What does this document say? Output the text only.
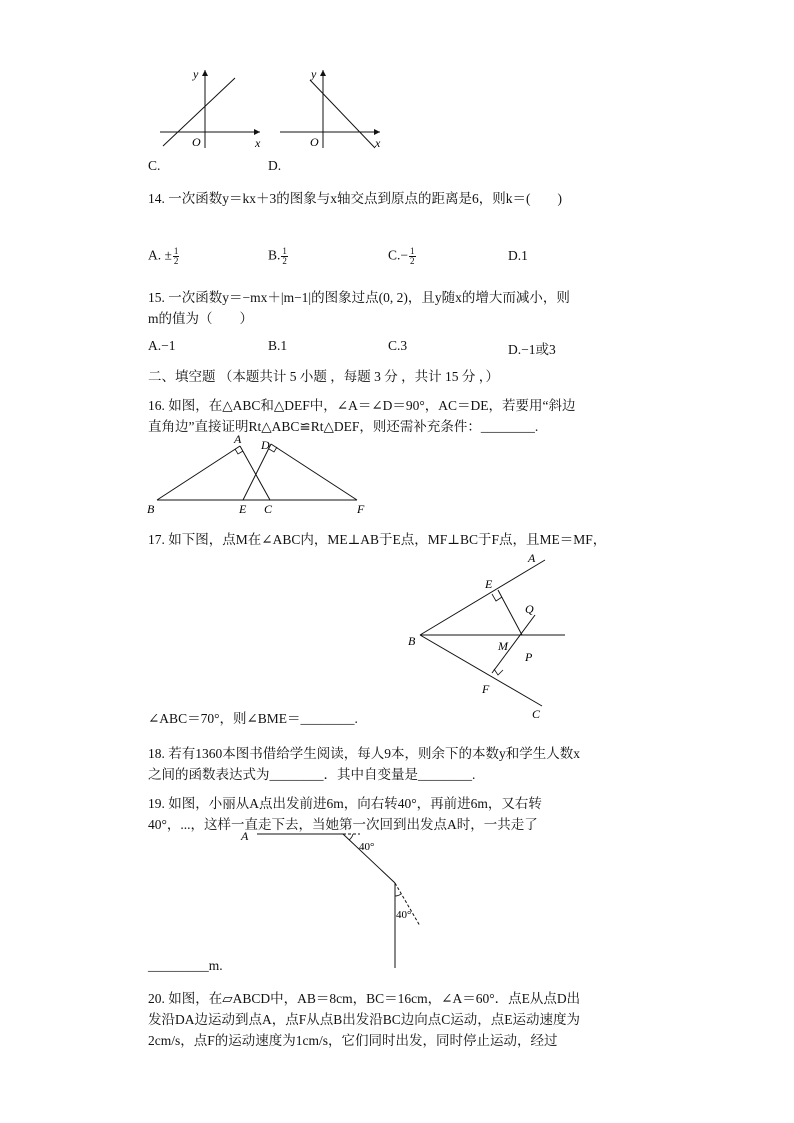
y
x
O
C.
y
x
O
D.
14. 一次函数y＝kx＋3的图象与x轴交点到原点的距离是6，则k＝(　　)
A. ± $\frac{1}{2}$	B. $\frac{1}{2}$	$C.- \frac{1}{2}$	D.1
15. 一次函数y＝−mx＋|m−1|的图象过点(0, 2)，且y随x的增大而减小，则
m的值为（　　）
A.−1	B.1	C.3	D.−1或3
二、填空题 （本题共计 5 小题 ，每题 3 分 ，共计 15 分 ，）
16. 如图，在△ABC和△DEF中，∠A＝∠D＝90°，AC＝DE，若要用“斜边
直角边”直接证明Rt△ABC≌Rt△DEF，则还需补充条件：________.
A D
B	E C	F
17. 如下图，点M在∠ABC内，ME⊥AB于E点，MF⊥BC于F点，且ME＝MF，
A
E
Q
B	M
P
F
C
∠ABC＝70°，则∠BME＝________.
18. 若有1360本图书借给学生阅读，每人9本，则余下的本数y和学生人数x
之间的函数表达式为________．其中自变量是________.
19. 如图，小丽从A点出发前进6m，向右转40°，再前进6m，又右转
40°，...，这样一直走下去，当她第一次回到出发点A时，一共走了
A
40°
40°
_________m.
20. 如图，在▱ABCD中，AB＝8cm，BC＝16cm，∠A＝60°．点E从点D出
发沿DA边运动到点A，点F从点B出发沿BC边向点C运动，点E运动速度为
2cm/s，点F的运动速度为1cm/s，它们同时出发，同时停止运动，经过
